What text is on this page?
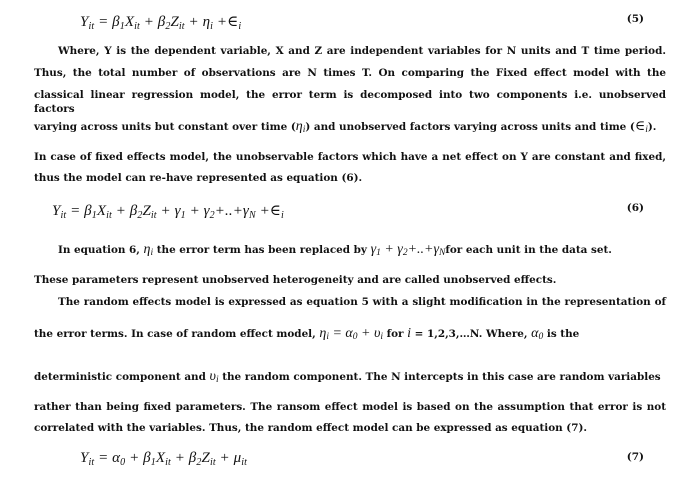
$Y_{it} = \beta_1X_{it} + \beta_2Z_{it} + \eta_i$ $+\in_i$
(5)
Where, Y is the dependent variable, X and Z are independent variables for N units and T time period.
Thus, the total number of observations are N times T. On comparing the Fixed effect model with the
classical linear regression model, the error term is decomposed into two components i.e. unobserved factors
varying across units but constant over time $(\eta_i)$ and unobserved factors varying across units and time $(\in_i)$.
In case of fixed effects model, the unobservable factors which have a net effect on Y are constant and fixed,
thus the model can re-have represented as equation (6).
$Y_{it} = \beta_1X_{it} + \beta_2Z_{it} + \gamma_1 + \gamma_2+..+\gamma_N$ $+\in_i$
(6)
In equation 6, $\eta_i$ the error term has been replaced by $\gamma_1 + \gamma_2+..+\gamma_Nfor$ each unit in the data set.
These parameters represent unobserved heterogeneity and are called unobserved effects.
The random effects model is expressed as equation 5 with a slight modification in the representation of
the error terms. In case of random effect model, $\eta_i = \alpha_0 + \upsilon_i$ for i = 1,2,3,…N. Where, $\alpha_0$ is the
deterministic component and $\upsilon_i$ the random component. The N intercepts in this case are random variables
rather than being fixed parameters. The ransom effect model is based on the assumption that error is not
correlated with the variables. Thus, the random effect model can be expressed as equation (7).
$Y_{it} = \alpha_0 + \beta_1X_{it} + \beta_2Z_{it} + \mu_{it}$	(7)
